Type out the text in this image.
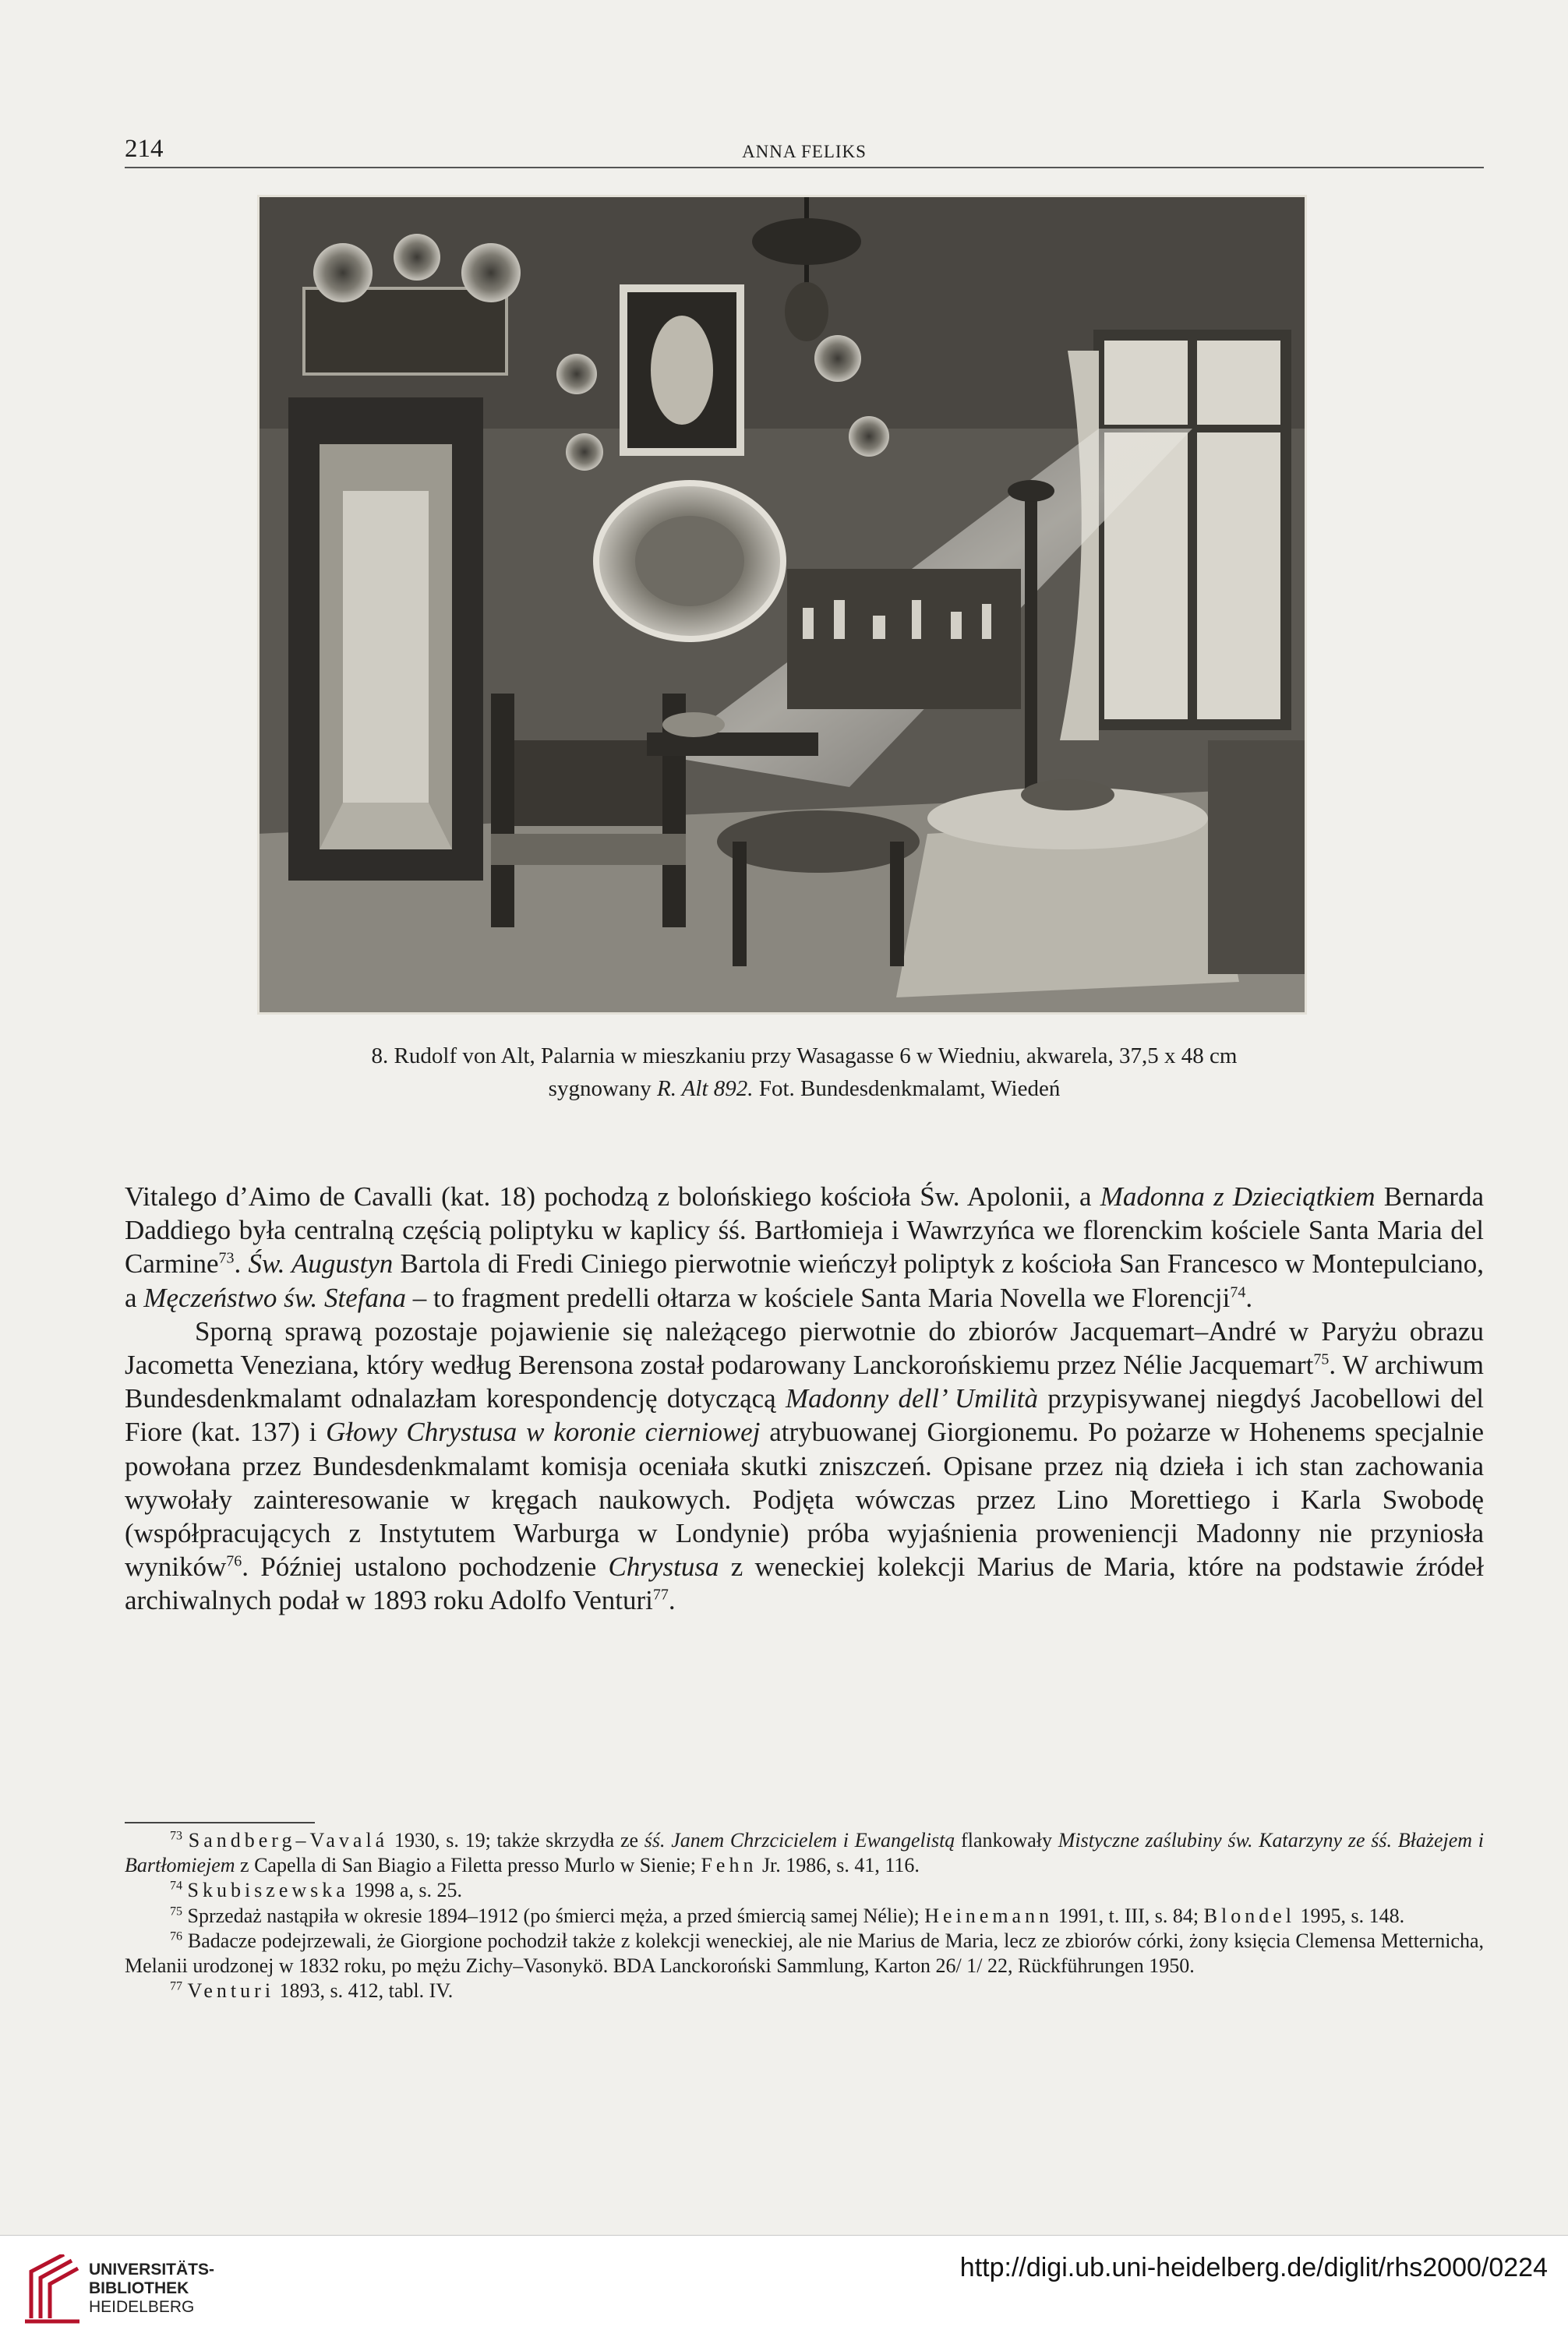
214	ANNA FELIKS

8. Rudolf von Alt, Palarnia w mieszkaniu przy Wasagasse 6 w Wiedniu, akwarela, 37,5 x 48 cm

sygnowany R. Alt 892. Fot. Bundesdenkmalamt, Wiedeń

Vitalego d’Aimo de Cavalli (kat. 18) pochodzą z bolońskiego kościoła Św. Apolonii, a Madonna z Dzieciątkiem Bernarda Daddiego była centralną częścią poliptyku w kaplicy śś. Bartłomieja i Wawrzyńca we florenckim kościele Santa Maria del Carmine$^{73}$. Św. Augustyn Bartola di Fredi Ciniego pierwotnie wieńczył poliptyk z kościoła San Francesco w Montepulciano, a Męczeństwo św. Stefana – to fragment predelli ołtarza w kościele Santa Maria Novella we Florencji$^{74}$.

Sporną sprawą pozostaje pojawienie się należącego pierwotnie do zbiorów Jacquemart–André w Paryżu obrazu Jacometta Veneziana, który według Berensona został podarowany Lanckorońskiemu przez Nélie Jacquemart$^{75}$. W archiwum Bundesdenkmalamt odnalazłam korespondencję dotyczącą Madonny dell’ Umilità przypisywanej niegdyś Jacobellowi del Fiore (kat. 137) i Głowy Chrystusa w koronie cierniowej atrybuowanej Giorgionemu. Po pożarze w Hohenems specjalnie powołana przez Bundesdenkmalamt komisja oceniała skutki zniszczeń. Opisane przez nią dzieła i ich stan zachowania wywołały zainteresowanie w kręgach naukowych. Podjęta wówczas przez Lino Morettiego i Karla Swobodę (współpracujących z Instytutem Warburga w Londynie) próba wyjaśnienia proweniencji Madonny nie przyniosła wyników$^{76}$. Później ustalono pochodzenie Chrystusa z weneckiej kolekcji Marius de Maria, które na podstawie źródeł archiwalnych podał w 1893 roku Adolfo Venturi$^{77}$.

$^{73}$ Sandberg–Vavalá 1930, s. 19; także skrzydła ze śś. Janem Chrzcicielem i Ewangelistą flankowały Mistyczne zaślubiny św. Katarzyny ze śś. Błażejem i Bartłomiejem z Capella di San Biagio a Filetta presso Murlo w Sienie; Fehn Jr. 1986, s. 41, 116.

$^{74}$ Skubiszewska 1998 a, s. 25.

$^{75}$ Sprzedaż nastąpiła w okresie 1894–1912 (po śmierci męża, a przed śmiercią samej Nélie); Heinemann 1991, t. III, s. 84; Blondel 1995, s. 148.

$^{76}$ Badacze podejrzewali, że Giorgione pochodził także z kolekcji weneckiej, ale nie Marius de Maria, lecz ze zbiorów córki, żony księcia Clemensa Metternicha, Melanii urodzonej w 1832 roku, po mężu Zichy–Vasonykö. BDA Lanckoroński Sammlung, Karton 26/ 1/ 22, Rückführungen 1950.

$^{77}$ Venturi 1893, s. 412, tabl. IV.

UNIVERSITÄTS-
BIBLIOTHEK
HEIDELBERG
http://digi.ub.uni-heidelberg.de/diglit/rhs2000/0224
